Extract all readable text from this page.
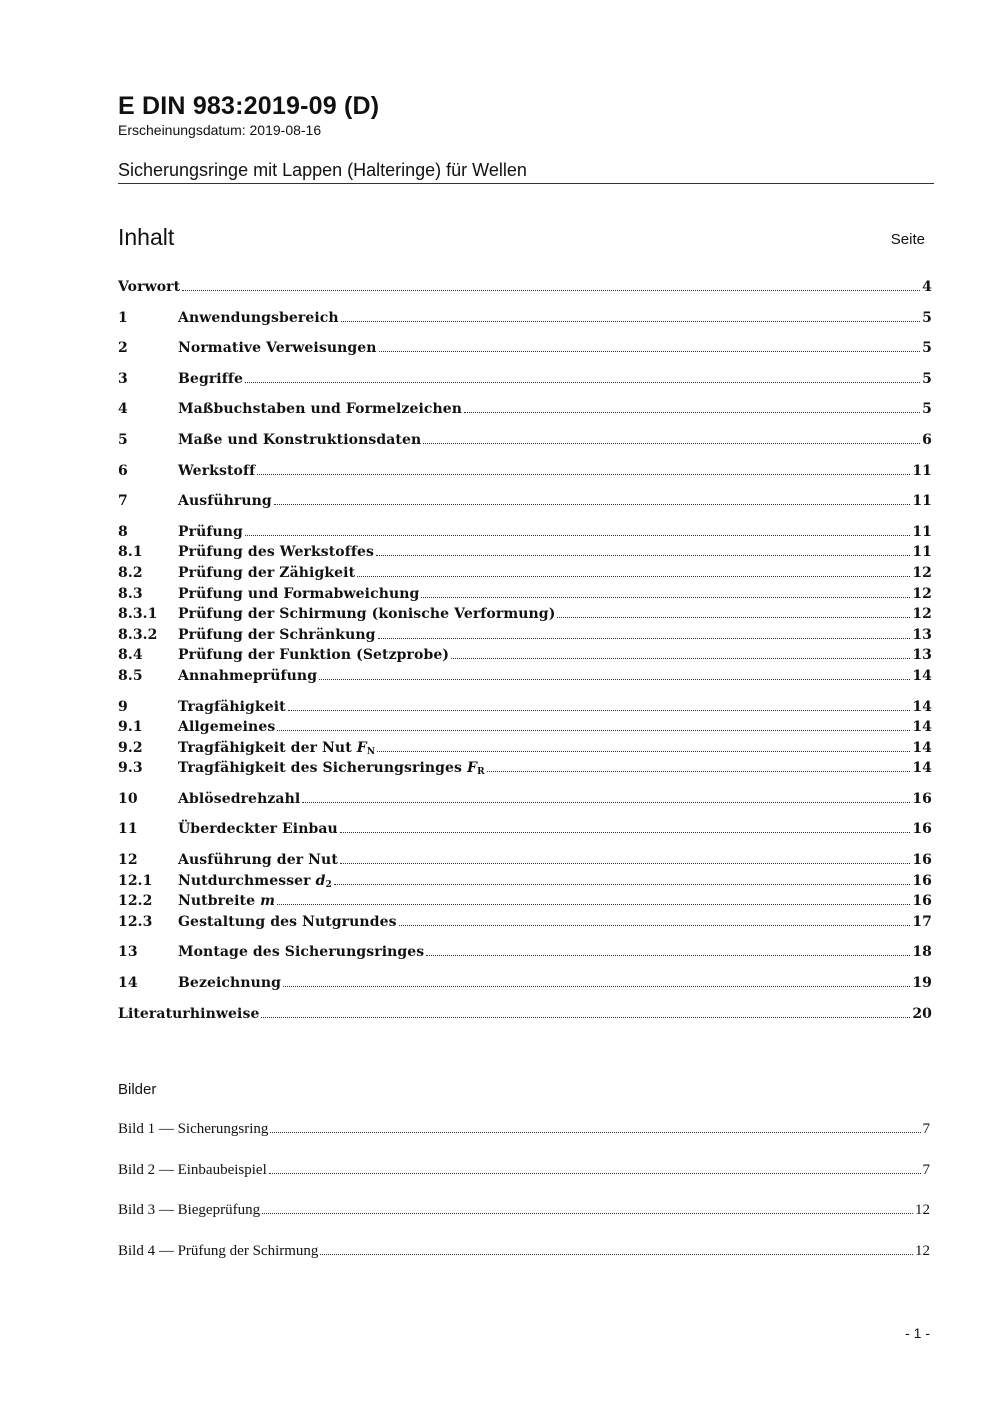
E DIN 983:2019-09 (D)
Erscheinungsdatum: 2019-08-16
Sicherungsringe mit Lappen (Halteringe) für Wellen
Inhalt	Seite
Vorwort	4
1	Anwendungsbereich	5
2	Normative Verweisungen	5
3	Begriffe	5
4	Maßbuchstaben und Formelzeichen	5
5	Maße und Konstruktionsdaten	6
6	Werkstoff	11
7	Ausführung	11
8	Prüfung	11
8.1	Prüfung des Werkstoffes	11
8.2	Prüfung der Zähigkeit	12
8.3	Prüfung und Formabweichung	12
8.3.1	Prüfung der Schirmung (konische Verformung)	12
8.3.2	Prüfung der Schränkung	13
8.4	Prüfung der Funktion (Setzprobe)	13
8.5	Annahmeprüfung	14
9	Tragfähigkeit	14
9.1	Allgemeines	14
9.2	Tragfähigkeit der Nut $F_N$	14
9.3	Tragfähigkeit des Sicherungsringes $F_R$	14
10	Ablösedrehzahl	16
11	Überdeckter Einbau	16
12	Ausführung der Nut	16
12.1	Nutdurchmesser $d_2$	16
12.2	Nutbreite m	16
12.3	Gestaltung des Nutgrundes	17
13	Montage des Sicherungsringes	18
14	Bezeichnung	19
Literaturhinweise	20
Bilder
Bild 1 — Sicherungsring	7
Bild 2 — Einbaubeispiel	7
Bild 3 — Biegeprüfung	12
Bild 4 — Prüfung der Schirmung	12
- 1 -
